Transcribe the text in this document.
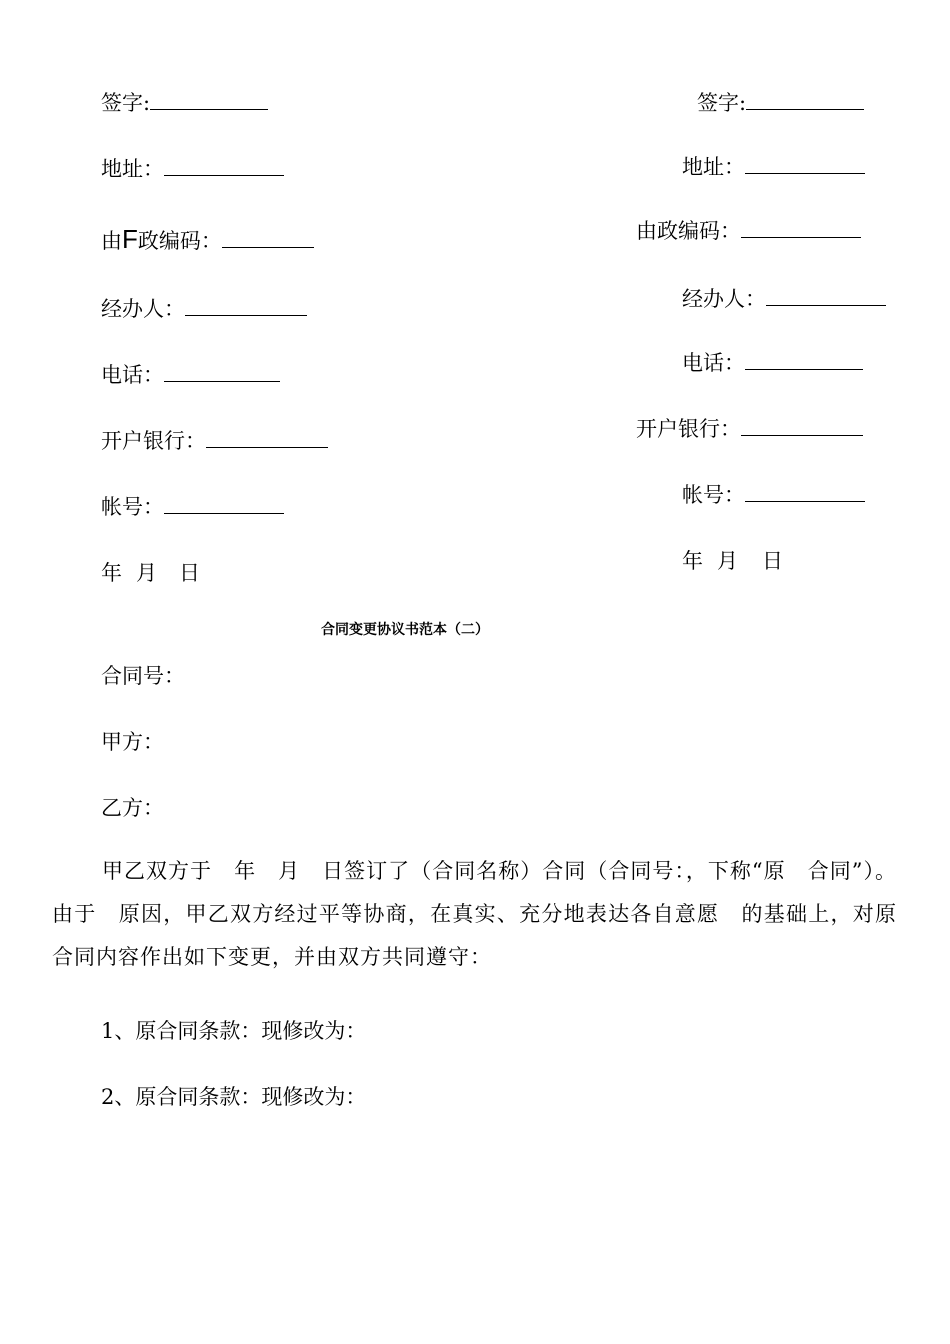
签字:
地址：
由F政编码：
经办人：
电话：
开户银行：
帐号：
年 月 日
签字:
地址：
由政编码：
经办人：
电话：
开户银行：
帐号：
年 月 日
合同变更协议书范本（二）
合同号：
甲方：
乙方：
甲乙双方于　年　月　日签订了（合同名称）合同（合同号：，下称“原　合同”）。由于　原因，甲乙双方经过平等协商，在真实、充分地表达各自意愿　的基础上，对原合同内容作出如下变更，并由双方共同遵守：
1、原合同条款：现修改为：
2、原合同条款：现修改为：
